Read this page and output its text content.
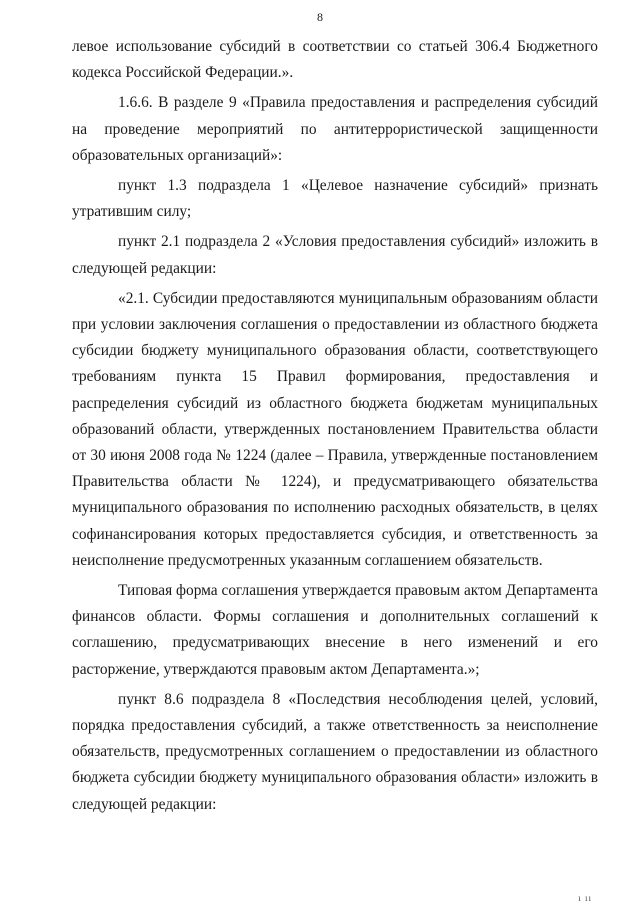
8

левое использование субсидий в соответствии со статьей 306.4 Бюджетного кодекса Российской Федерации.».

1.6.6. В разделе 9 «Правила предоставления и распределения субсидий на проведение мероприятий по антитеррористической защищенности образовательных организаций»:

пункт 1.3 подраздела 1 «Целевое назначение субсидий» признать утратившим силу;

пункт 2.1 подраздела 2 «Условия предоставления субсидий» изложить в следующей редакции:

«2.1. Субсидии предоставляются муниципальным образованиям области при условии заключения соглашения о предоставлении из областного бюджета субсидии бюджету муниципального образования области, соответствующего требованиям пункта 15 Правил формирования, предоставления и распределения субсидий из областного бюджета бюджетам муниципальных образований области, утвержденных постановлением Правительства области от 30 июня 2008 года № 1224 (далее – Правила, утвержденные постановлением Правительства области № 1224), и предусматривающего обязательства муниципального образования по исполнению расходных обязательств, в целях софинансирования которых предоставляется субсидия, и ответственность за неисполнение предусмотренных указанным соглашением обязательств.

Типовая форма соглашения утверждается правовым актом Департамента финансов области. Формы соглашения и дополнительных соглашений к соглашению, предусматривающих внесение в него изменений и его расторжение, утверждаются правовым актом Департамента.»;

пункт 8.6 подраздела 8 «Последствия несоблюдения целей, условий, порядка предоставления субсидий, а также ответственность за неисполнение обязательств, предусмотренных соглашением о предоставлении из областного бюджета субсидии бюджету муниципального образования области» изложить в следующей редакции:

ı ıı
